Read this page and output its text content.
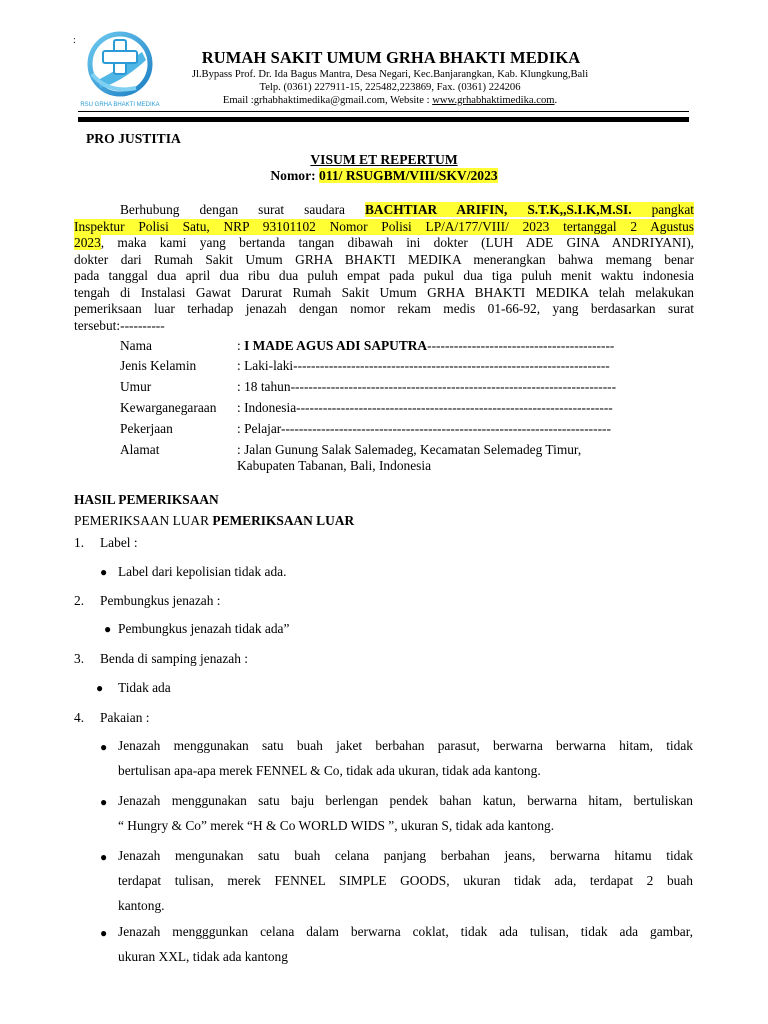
:
RSU GRHA BHAKTI MEDIKA
RUMAH SAKIT UMUM GRHA BHAKTI MEDIKA
Jl.Bypass Prof. Dr. Ida Bagus Mantra, Desa Negari, Kec.Banjarangkan, Kab. Klungkung,Bali
Telp. (0361) 227911-15, 225482,223869, Fax. (0361) 224206
Email :grhabhaktimedika@gmail.com, Website : www.grhabhaktimedika.com.
PRO JUSTITIA
VISUM ET REPERTUM
Nomor: 011/ RSUGBM/VIII/SKV/2023
Berhubung dengan surat saudara BACHTIAR ARIFIN, S.T.K,,S.I.K,M.SI. pangkat
Inspektur Polisi Satu, NRP 93101102 Nomor Polisi LP/A/177/VIII/ 2023 tertanggal 2 Agustus
2023, maka kami yang bertanda tangan dibawah ini dokter (LUH ADE GINA ANDRIYANI),
dokter dari Rumah Sakit Umum GRHA BHAKTI MEDIKA menerangkan bahwa memang benar
pada tanggal dua april dua ribu dua puluh empat pada pukul dua tiga puluh menit waktu indonesia
tengah di Instalasi Gawat Darurat Rumah Sakit Umum GRHA BHAKTI MEDIKA telah melakukan
pemeriksaan luar terhadap jenazah dengan nomor rekam medis 01-66-92, yang berdasarkan surat
tersebut:----------
Nama	: I MADE AGUS ADI SAPUTRA------------------------------------------
Jenis Kelamin	: Laki-laki-----------------------------------------------------------------------
Umur	: 18 tahun-------------------------------------------------------------------------
Kewarganegaraan : Indonesia-----------------------------------------------------------------------
Pekerjaan	: Pelajar--------------------------------------------------------------------------
Alamat	: Jalan Gunung Salak Salemadeg, Kecamatan Selemadeg Timur,
Kabupaten Tabanan, Bali, Indonesia
HASIL PEMERIKSAAN
PEMERIKSAAN LUAR PEMERIKSAAN LUAR
1. Label :
● Label dari kepolisian tidak ada.
2. Pembungkus jenazah :
● Pembungkus jenazah tidak ada”
3. Benda di samping jenazah :
● Tidak ada
4. Pakaian :
● Jenazah menggunakan satu buah jaket berbahan parasut, berwarna berwarna hitam, tidak
bertulisan apa-apa merek FENNEL & Co, tidak ada ukuran, tidak ada kantong.
● Jenazah menggunakan satu baju berlengan pendek bahan katun, berwarna hitam, bertuliskan
“ Hungry & Co” merek “H & Co WORLD WIDS ”, ukuran S, tidak ada kantong.
● Jenazah mengunakan satu buah celana panjang berbahan jeans, berwarna hitamu tidak
terdapat tulisan, merek FENNEL SIMPLE GOODS, ukuran tidak ada, terdapat 2 buah
kantong.
● Jenazah mengggunkan celana dalam berwarna coklat, tidak ada tulisan, tidak ada gambar,
ukuran XXL, tidak ada kantong
